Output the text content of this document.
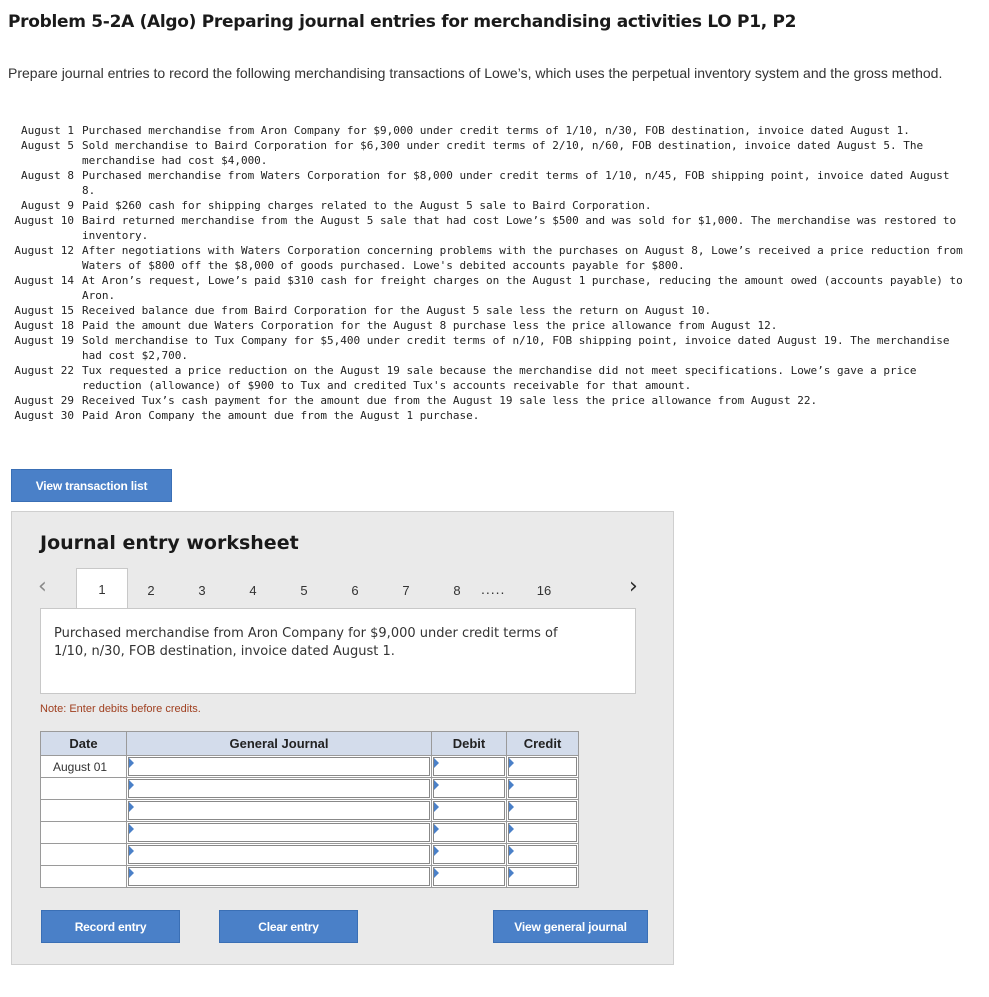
Problem 5-2A (Algo) Preparing journal entries for merchandising activities LO P1, P2
Prepare journal entries to record the following merchandising transactions of Lowe’s, which uses the perpetual inventory system and the gross method.
August 1 Purchased merchandise from Aron Company for $9,000 under credit terms of 1/10, n/30, FOB destination, invoice dated August 1.
August 5 Sold merchandise to Baird Corporation for $6,300 under credit terms of 2/10, n/60, FOB destination, invoice dated August 5. The merchandise had cost $4,000.
August 8 Purchased merchandise from Waters Corporation for $8,000 under credit terms of 1/10, n/45, FOB shipping point, invoice dated August 8.
August 9 Paid $260 cash for shipping charges related to the August 5 sale to Baird Corporation.
August 10 Baird returned merchandise from the August 5 sale that had cost Lowe’s $500 and was sold for $1,000. The merchandise was restored to inventory.
August 12 After negotiations with Waters Corporation concerning problems with the purchases on August 8, Lowe’s received a price reduction from Waters of $800 off the $8,000 of goods purchased. Lowe's debited accounts payable for $800.
August 14 At Aron’s request, Lowe’s paid $310 cash for freight charges on the August 1 purchase, reducing the amount owed (accounts payable) to Aron.
August 15 Received balance due from Baird Corporation for the August 5 sale less the return on August 10.
August 18 Paid the amount due Waters Corporation for the August 8 purchase less the price allowance from August 12.
August 19 Sold merchandise to Tux Company for $5,400 under credit terms of n/10, FOB shipping point, invoice dated August 19. The merchandise had cost $2,700.
August 22 Tux requested a price reduction on the August 19 sale because the merchandise did not meet specifications. Lowe’s gave a price reduction (allowance) of $900 to Tux and credited Tux's accounts receivable for that amount.
August 29 Received Tux’s cash payment for the amount due from the August 19 sale less the price allowance from August 22.
August 30 Paid Aron Company the amount due from the August 1 purchase.
View transaction list
Journal entry worksheet
‹	1	2	3	4	5	6	7	8	.....	16	›
Purchased merchandise from Aron Company for $9,000 under credit terms of 1/10, n/30, FOB destination, invoice dated August 1.
Note: Enter debits before credits.
Date	General Journal	Debit	Credit
August 01	

Record entry	Clear entry	View general journal
